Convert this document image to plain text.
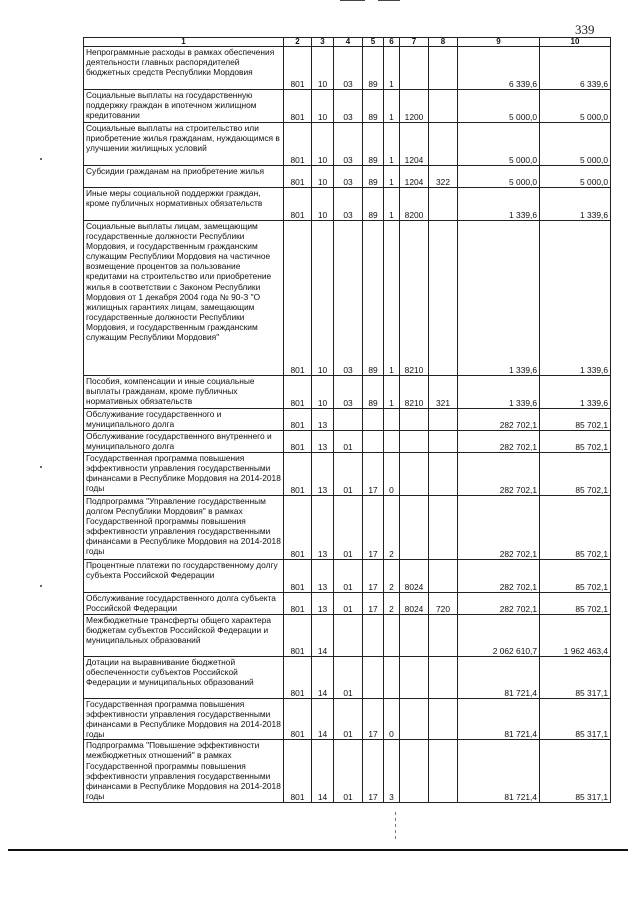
339
1	2	3	4	5	6	7	8	9	10
Непрограммные расходы в рамках обеспечения деятельности главных распорядителей бюджетных средств Республики Мордовия	801	10	03	89	1			6 339,6	6 339,6
Социальные выплаты на государственную поддержку граждан в ипотечном жилищном кредитовании	801	10	03	89	1	1200		5 000,0	5 000,0
Социальные выплаты на строительство или приобретение жилья гражданам, нуждающимся в улучшении жилищных условий	801	10	03	89	1	1204		5 000,0	5 000,0
Субсидии гражданам на приобретение жилья	801	10	03	89	1	1204	322	5 000,0	5 000,0
Иные меры социальной поддержки граждан, кроме публичных нормативных обязательств	801	10	03	89	1	8200		1 339,6	1 339,6
Социальные выплаты лицам, замещающим государственные должности Республики Мордовия, и государственным гражданским служащим Республики Мордовия на частичное возмещение процентов за пользование кредитами на строительство или приобретение жилья в соответствии с Законом Республики Мордовия от 1 декабря 2004 года № 90-З "О жилищных гарантиях лицам, замещающим государственные должности Республики Мордовия, и государственным гражданским служащим Республики Мордовия"	801	10	03	89	1	8210		1 339,6	1 339,6
Пособия, компенсации и иные социальные выплаты гражданам, кроме публичных нормативных обязательств	801	10	03	89	1	8210	321	1 339,6	1 339,6
Обслуживание государственного и муниципального долга	801	13						282 702,1	85 702,1
Обслуживание государственного внутреннего и муниципального долга	801	13	01					282 702,1	85 702,1
Государственная программа повышения эффективности управления государственными финансами в Республике Мордовия на 2014-2018 годы	801	13	01	17	0			282 702,1	85 702,1
Подпрограмма "Управление государственным долгом Республики Мордовия" в рамках Государственной программы повышения эффективности управления государственными финансами в Республике Мордовия на 2014-2018 годы	801	13	01	17	2			282 702,1	85 702,1
Процентные платежи по государственному долгу субъекта Российской Федерации	801	13	01	17	2	8024		282 702,1	85 702,1
Обслуживание государственного долга субъекта Российской Федерации	801	13	01	17	2	8024	720	282 702,1	85 702,1
Межбюджетные трансферты общего характера бюджетам субъектов Российской Федерации и муниципальных образований	801	14						2 062 610,7	1 962 463,4
Дотации на выравнивание бюджетной обеспеченности субъектов Российской Федерации и муниципальных образований	801	14	01					81 721,4	85 317,1
Государственная программа повышения эффективности управления государственными финансами в Республике Мордовия на 2014-2018 годы	801	14	01	17	0			81 721,4	85 317,1
Подпрограмма "Повышение эффективности межбюджетных отношений" в рамках Государственной программы повышения эффективности управления государственными финансами в Республике Мордовия на 2014-2018 годы	801	14	01	17	3			81 721,4	85 317,1
